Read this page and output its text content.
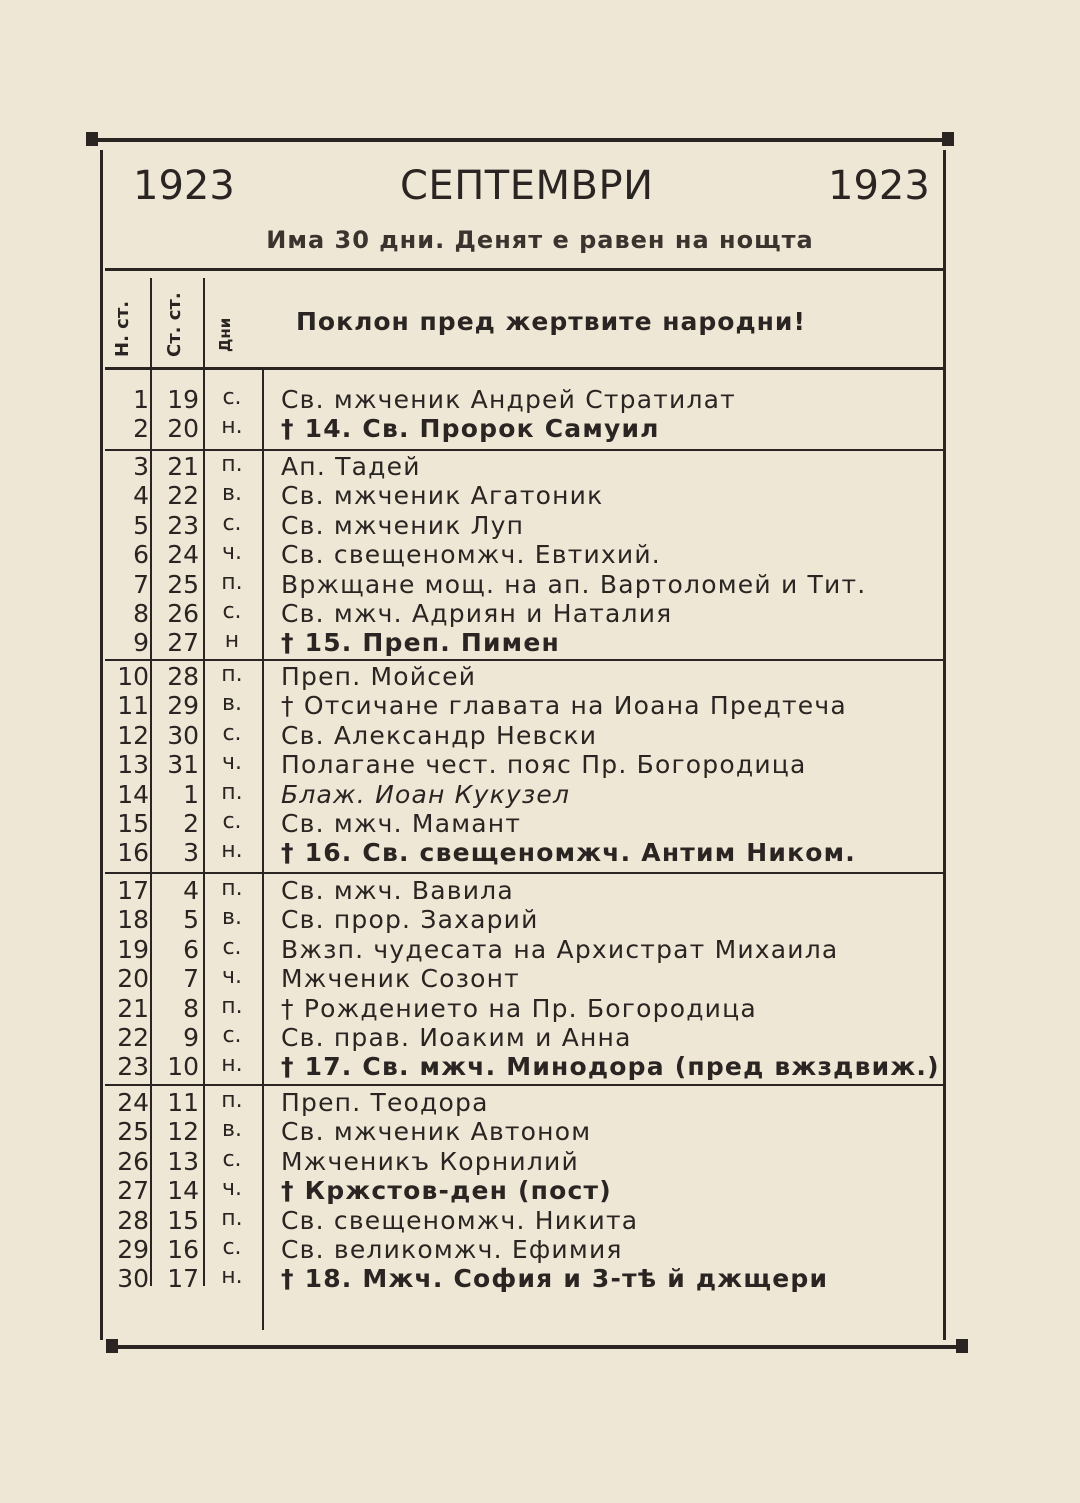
1923	СЕПТЕМВРИ	1923
Има 30 дни. Денят е равен на нощта
Н. ст. Ст. ст. Дни Поклон пред жертвите народни!
1 19 с. Св. мжченик Андрей Стратилат
2 20 н. † 14. Св. Пророк Самуил
3 21 п. Ап. Тадей
4 22 в. Св. мжченик Агатоник
5 23 с. Св. мжченик Луп
6 24 ч. Св. свещеномжч. Евтихий.
7 25 п. Вржщане мощ. на ап. Вартоломей и Тит.
8 26 с. Св. мжч. Адриян и Наталия
9 27	н	† 15. Преп. Пимен
10 28 п. Преп. Мойсей
11 29 в. † Отсичане главата на Иоана Предтеча
12 30 с. Св. Александр Невски
13 31 ч. Полагане чест. пояс Пр. Богородица
14	1 п. Блаж. Иоан Кукузел
15	2 с. Св. мжч. Мамант
16	3 н. † 16. Св. свещеномжч. Антим Ником.
17	4 п. Св. мжч. Вавила
18	5 в. Св. прор. Захарий
19	6 с. Вжзп. чудесата на Архистрат Михаила
20	7 ч. Мжченик Созонт
21	8 п. † Рождението на Пр. Богородица
22	9 с. Св. прав. Иоаким и Анна
23 10 н. † 17. Св. мжч. Минодора (пред вжздвиж.)
24 11 п. Преп. Теодора
25 12 в. Св. мжченик Автоном
26 13 с. Мжченикъ Корнилий
27 14 ч. † Кржстов-ден (пост)
28 15 п. Св. свещеномжч. Никита
29 16 с. Св. великомжч. Ефимия
30 17 н. † 18. Мжч. София и 3-тѣ й джщери
